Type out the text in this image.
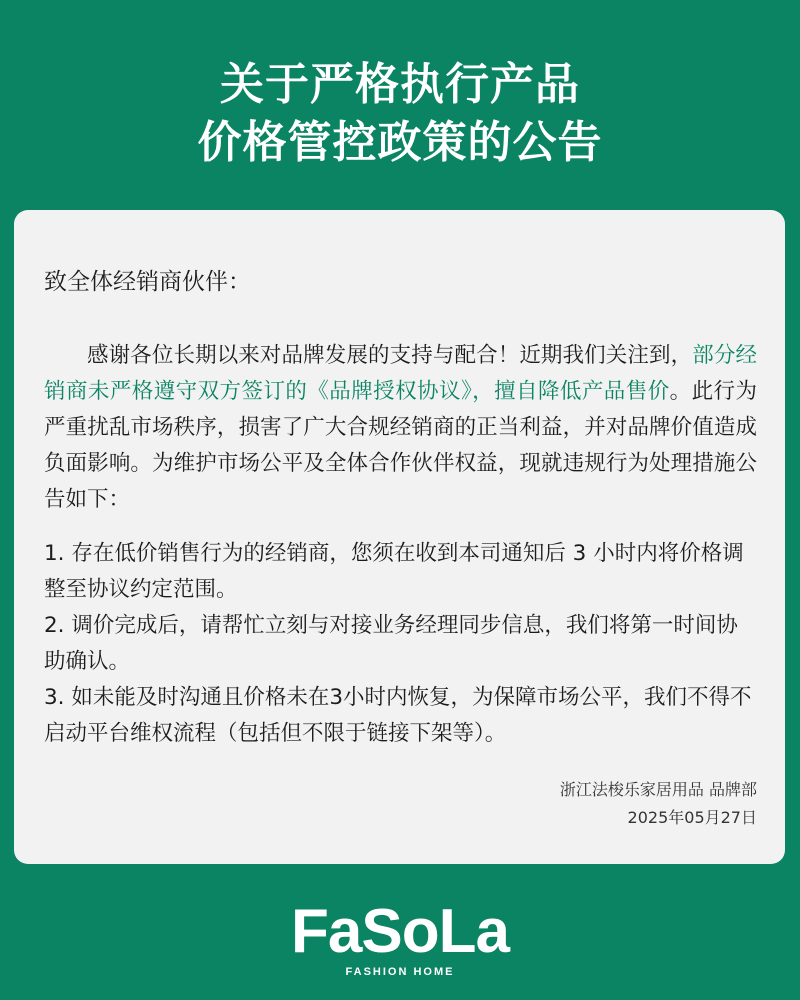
关于严格执行产品
价格管控政策的公告

致全体经销商伙伴：

感谢各位长期以来对品牌发展的支持与配合！近期我们关注到，部分经销商未严格遵守双方签订的《品牌授权协议》，擅自降低产品售价。此行为严重扰乱市场秩序，损害了广大合规经销商的正当利益，并对品牌价值造成负面影响。为维护市场公平及全体合作伙伴权益，现就违规行为处理措施公告如下：

1. 存在低价销售行为的经销商，您须在收到本司通知后 3 小时内将价格调整至协议约定范围。

2. 调价完成后，请帮忙立刻与对接业务经理同步信息，我们将第一时间协助确认。

3. 如未能及时沟通且价格未在3小时内恢复，为保障市场公平，我们不得不启动平台维权流程（包括但不限于链接下架等）。

浙江法梭乐家居用品 品牌部
2025年05月27日
FaSoLa
FASHION HOME
